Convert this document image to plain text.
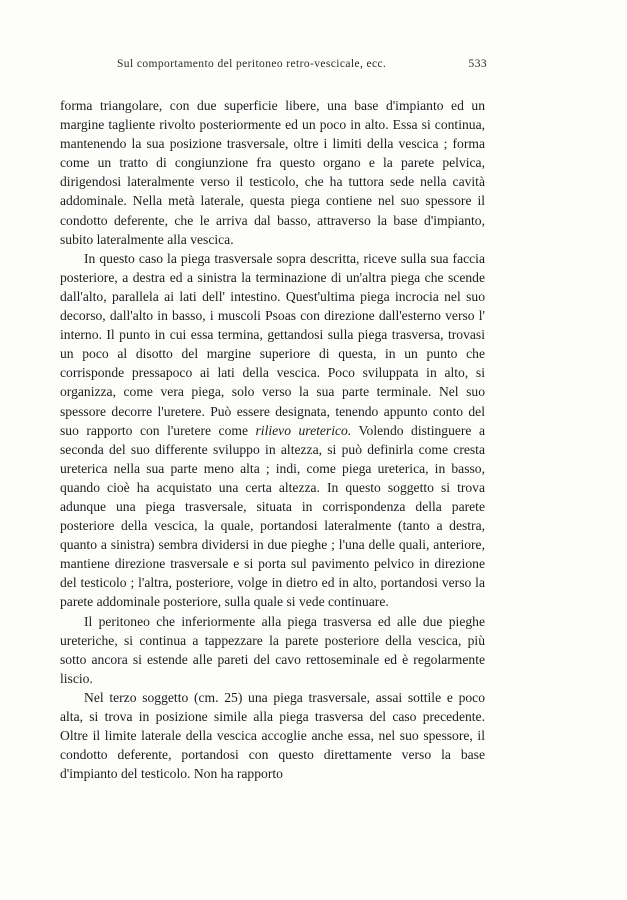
Sul comportamento del peritoneo retro-vescicale, ecc.	533

forma triangolare, con due superficie libere, una base d'impianto ed un margine tagliente rivolto posteriormente ed un poco in alto. Essa si continua, mantenendo la sua posizione trasversale, oltre i limiti della vescica ; forma come un tratto di congiunzione fra questo organo e la parete pelvica, dirigendosi lateralmente verso il testicolo, che ha tuttora sede nella cavità addominale. Nella metà laterale, questa piega contiene nel suo spessore il condotto deferente, che le arriva dal basso, attraverso la base d'impianto, subito lateralmente alla vescica.

In questo caso la piega trasversale sopra descritta, riceve sulla sua faccia posteriore, a destra ed a sinistra la terminazione di un'altra piega che scende dall'alto, parallela ai lati dell' intestino. Quest'ultima piega incrocia nel suo decorso, dall'alto in basso, i muscoli Psoas con direzione dall'esterno verso l' interno. Il punto in cui essa termina, gettandosi sulla piega trasversa, trovasi un poco al disotto del margine superiore di questa, in un punto che corrisponde pressapoco ai lati della vescica. Poco sviluppata in alto, si organizza, come vera piega, solo verso la sua parte terminale. Nel suo spessore decorre l'uretere. Può essere designata, tenendo appunto conto del suo rapporto con l'uretere come rilievo ureterico. Volendo distinguere a seconda del suo differente sviluppo in altezza, si può definirla come cresta ureterica nella sua parte meno alta ; indi, come piega ureterica, in basso, quando cioè ha acquistato una certa altezza. In questo soggetto si trova adunque una piega trasversale, situata in corrispondenza della parete posteriore della vescica, la quale, portandosi lateralmente (tanto a destra, quanto a sinistra) sembra dividersi in due pieghe ; l'una delle quali, anteriore, mantiene direzione trasversale e si porta sul pavimento pelvico in direzione del testicolo ; l'altra, posteriore, volge in dietro ed in alto, portandosi verso la parete addominale posteriore, sulla quale si vede continuare.

Il peritoneo che inferiormente alla piega trasversa ed alle due pieghe ureteriche, si continua a tappezzare la parete posteriore della vescica, più sotto ancora si estende alle pareti del cavo rettoseminale ed è regolarmente liscio.

Nel terzo soggetto (cm. 25) una piega trasversale, assai sottile e poco alta, si trova in posizione simile alla piega trasversa del caso precedente. Oltre il limite laterale della vescica accoglie anche essa, nel suo spessore, il condotto deferente, portandosi con questo direttamente verso la base d'impianto del testicolo. Non ha rapporto
